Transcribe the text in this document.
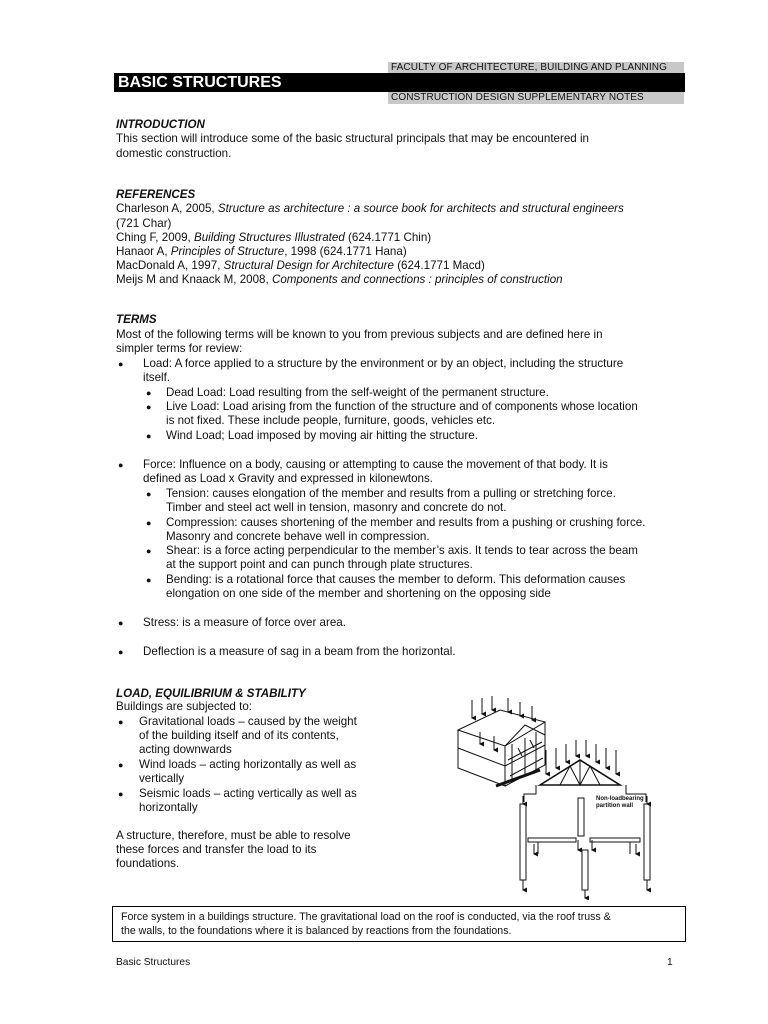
FACULTY OF ARCHITECTURE, BUILDING AND PLANNING
BASIC STRUCTURES
CONSTRUCTION DESIGN SUPPLEMENTARY NOTES
INTRODUCTION
This section will introduce some of the basic structural principals that may be encountered in
domestic construction.
REFERENCES
Charleson A, 2005, Structure as architecture : a source book for architects and structural engineers
(721 Char)
Ching F, 2009, Building Structures Illustrated (624.1771 Chin)
Hanaor A, Principles of Structure, 1998 (624.1771 Hana)
MacDonald A, 1997, Structural Design for Architecture (624.1771 Macd)
Meijs M and Knaack M, 2008, Components and connections : principles of construction
TERMS
Most of the following terms will be known to you from previous subjects and are defined here in
simpler terms for review:
● Load: A force applied to a structure by the environment or by an object, including the structure
itself.
● Dead Load: Load resulting from the self-weight of the permanent structure.
● Live Load: Load arising from the function of the structure and of components whose location
is not fixed. These include people, furniture, goods, vehicles etc.
● Wind Load; Load imposed by moving air hitting the structure.
● Force: Influence on a body, causing or attempting to cause the movement of that body. It is
defined as Load x Gravity and expressed in kilonewtons.
● Tension: causes elongation of the member and results from a pulling or stretching force.
Timber and steel act well in tension, masonry and concrete do not.
● Compression: causes shortening of the member and results from a pushing or crushing force.
Masonry and concrete behave well in compression.
● Shear: is a force acting perpendicular to the member’s axis. It tends to tear across the beam
at the support point and can punch through plate structures.
● Bending: is a rotational force that causes the member to deform. This deformation causes
elongation on one side of the member and shortening on the opposing side
● Stress: is a measure of force over area.
● Deflection is a measure of sag in a beam from the horizontal.
LOAD, EQUILIBRIUM & STABILITY
Buildings are subjected to:
● Gravitational loads – caused by the weight
of the building itself and of its contents,
acting downwards
● Wind loads – acting horizontally as well as
vertically
● Seismic loads – acting vertically as well as
horizontally
A structure, therefore, must be able to resolve
these forces and transfer the load to its
foundations.
Non-loadbearing
partition wall
Force system in a buildings structure. The gravitational load on the roof is conducted, via the roof truss &
the walls, to the foundations where it is balanced by reactions from the foundations.
Basic Structures	1
